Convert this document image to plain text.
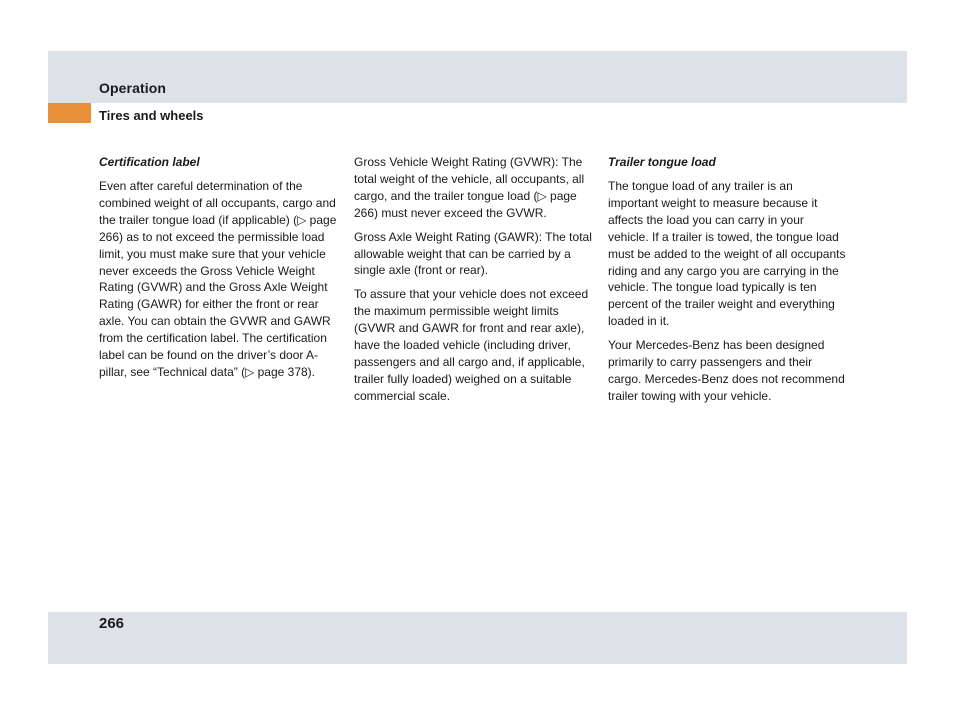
Operation
Tires and wheels
Certification label

Even after careful determination of the combined weight of all occupants, cargo and the trailer tongue load (if applicable) (▷ page 266) as to not exceed the permissible load limit, you must make sure that your vehicle never exceeds the Gross Vehicle Weight Rating (GVWR) and the Gross Axle Weight Rating (GAWR) for either the front or rear axle. You can obtain the GVWR and GAWR from the certification label. The certification label can be found on the driver’s door A-pillar, see “Technical data” (▷ page 378).

Gross Vehicle Weight Rating (GVWR): The total weight of the vehicle, all occupants, all cargo, and the trailer tongue load (▷ page 266) must never exceed the GVWR.

Gross Axle Weight Rating (GAWR): The total allowable weight that can be carried by a single axle (front or rear).

To assure that your vehicle does not exceed the maximum permissible weight limits (GVWR and GAWR for front and rear axle), have the loaded vehicle (including driver, passengers and all cargo and, if applicable, trailer fully loaded) weighed on a suitable commercial scale.

Trailer tongue load

The tongue load of any trailer is an important weight to measure because it affects the load you can carry in your vehicle. If a trailer is towed, the tongue load must be added to the weight of all occupants riding and any cargo you are carrying in the vehicle. The tongue load typically is ten percent of the trailer weight and everything loaded in it.

Your Mercedes-Benz has been designed primarily to carry passengers and their cargo. Mercedes-Benz does not recommend trailer towing with your vehicle.

266
